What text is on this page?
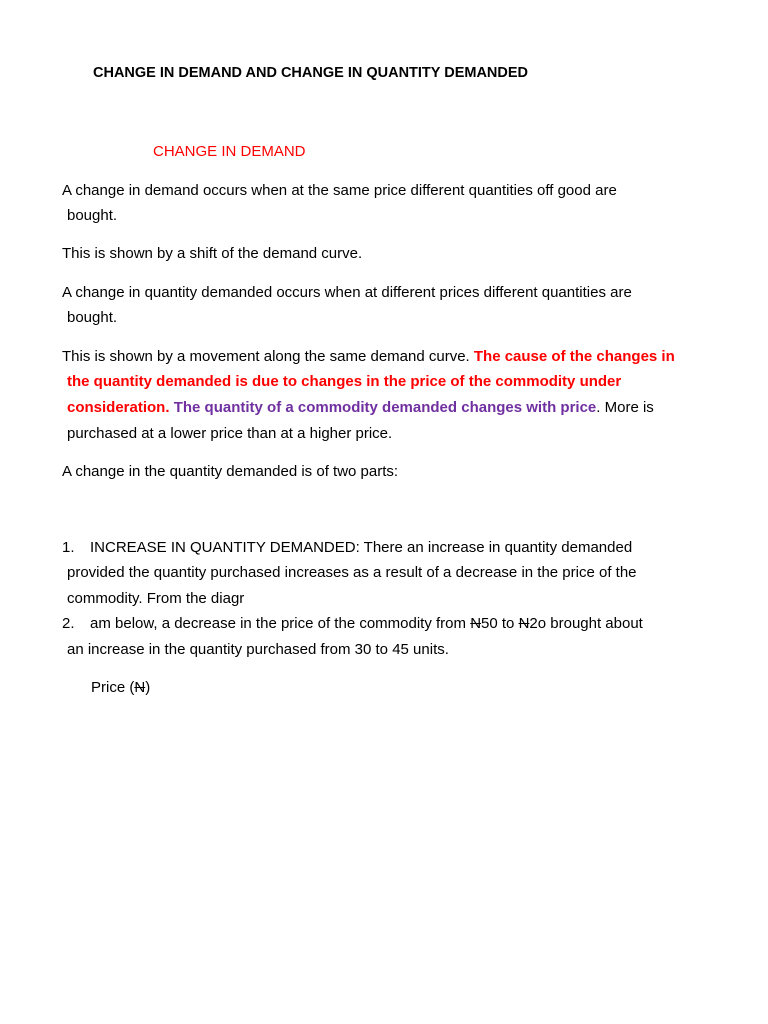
CHANGE IN DEMAND AND CHANGE IN QUANTITY DEMANDED
CHANGE IN DEMAND
A change in demand occurs when at the same price different quantities off good are
bought.
This is shown by a shift of the demand curve.
A change in quantity demanded occurs when at different prices different quantities are
bought.
This is shown by a movement along the same demand curve. The cause of the changes in
the quantity demanded is due to changes in the price of the commodity under
consideration. The quantity of a commodity demanded changes with price. More is
purchased at a lower price than at a higher price.
A change in the quantity demanded is of two parts:
1. INCREASE IN QUANTITY DEMANDED: There an increase in quantity demanded
provided the quantity purchased increases as a result of a decrease in the price of the
commodity. From the diagr
2. am below, a decrease in the price of the commodity from N50 to N2o brought about
an increase in the quantity purchased from 30 to 45 units.
Price (N)
